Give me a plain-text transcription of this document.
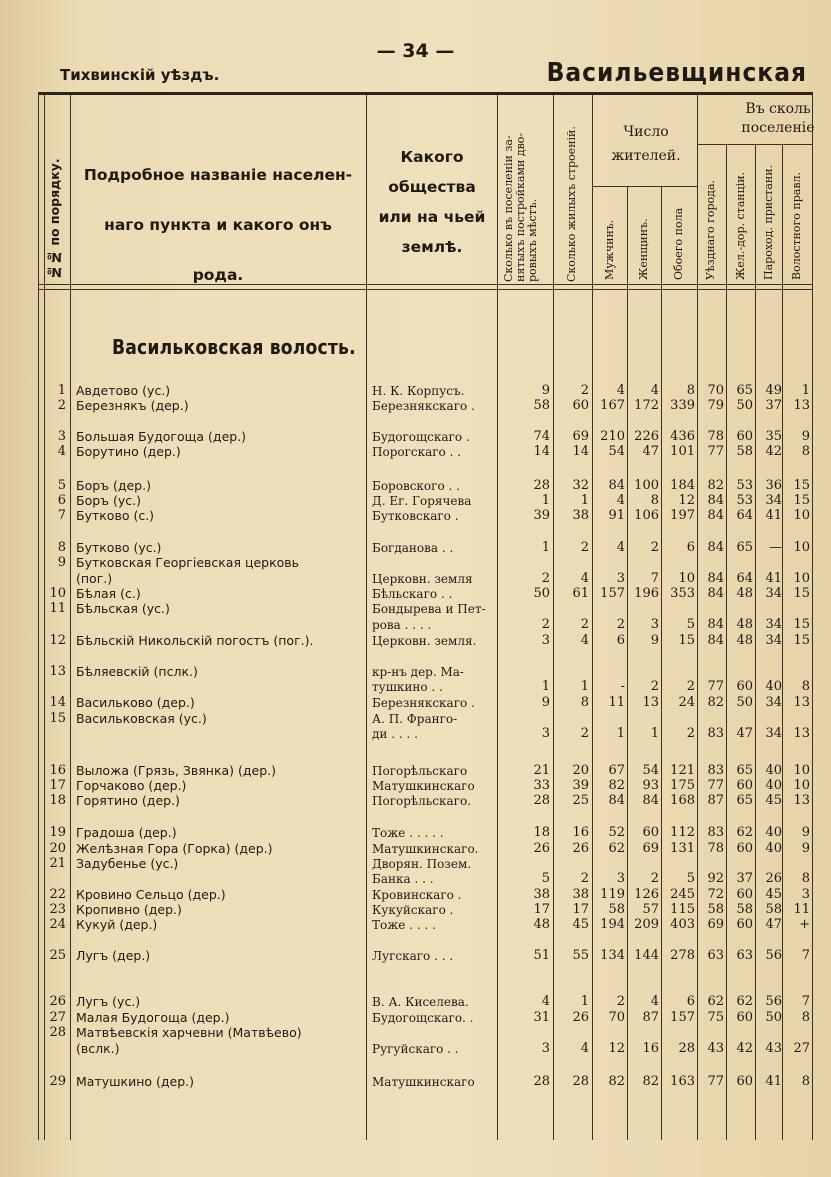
— 34 —
Тихвинскiй уѣздъ.	Васильевщинская
№№ по порядку. Подробное названiе населен-наго пункта и какого онъ рода.
Какого общества или на чьей землѣ.	Сколько въ поселенiи за-нятыхъ постройками дво-ровыхъ мѣстъ.	Сколько жилыхъ строенiй.	Число жителей.
Мужчинъ. Женщинъ. Обоего пола
Въ сколь поселенiе
Уѣзднаго города. Жел.-дор. станцiи. Пароход. пристани. Волостного правл.
Васильковская волость.
1 Авдетово (ус.)	Н. К. Корпусъ.	9	2	4	4	8 70 65 49	1
2 Березнякъ (дер.)	Березнякскаго .	58	60 167 172 339 79 50 37 13
3 Большая Будогоща (дер.)	Будогощскаго .	74	69 210 226 436 78 60 35	9
4 Борутино (дер.)	Порогскаго . .	14	14	54	47 101 77 58 42	8
5 Боръ (дер.)	Боровского . .	28	32	84 100 184 82 53 36 15
6 Боръ (ус.)	Д. Ег. Горячева	1	1	4	8	12 84 53 34 15
7 Бутково (с.)	Бутковскаго .	39	38	91 106 197 84 64 41 10
8 Бутково (ус.)	Богданова . .	1	2	4	2	6 84 65	— 10
9 Бутковская Георгiевская церковь
(пог.)	Церковн. земля	2	4	3	7	10 84 64 41 10
10 Бѣлая (с.)	Бѣльскаго . .	50	61 157 196 353 84 48 34 15
11 Бѣльская (ус.)	Бондырева и Пет-
рова . . . .	2	2	2	3	5 84 48 34 15
12 Бѣльскiй Никольскiй погостъ (пог.).	Церковн. земля.	3	4	6	9	15 84 48 34 15
13 Бѣляевскiй (пслк.)	кр-нъ дер. Ма-
тушкино . .	1	1	-	2	2 77 60 40	8
14 Васильково (дер.)	Березнякскаго .	9	8	11	13	24 82 50 34 13
15 Васильковская (ус.)	А. П. Франго-
ди . . . .	3	2	1	1	2 83 47 34 13
16 Выложа (Грязь, Звянка) (дер.)	Погорѣльскаго	21	20	67	54 121 83 65 40 10
17 Горчаково (дер.)	Матушкинскаго	33	39	82	93 175 77 60 40 10
18 Горятино (дер.)	Погорѣльскаго.	28	25	84	84 168 87 65 45 13
19 Градоша (дер.)	Тоже . . . . .	18	16	52	60 112 83 62 40	9
20 Желѣзная Гора (Горка) (дер.)	Матушкинскаго.	26	26	62	69 131 78 60 40	9
21 Задубенье (ус.)	Дворян. Позем.
Банка . . .	5	2	3	2	5 92 37 26	8
22 Кровино Сельцо (дер.)	Кровинскаго .	38	38 119 126 245 72 60 45	3
23 Кропивно (дер.)	Кукуйскаго .	17	17	58	57 115 58 58 58 11
24 Кукуй (дер.)	Тоже . . . .	48	45 194 209 403 69 60 47	+
25 Лугъ (дер.)	Лугскаго . . .	51	55 134 144 278 63 63 56	7
26 Лугъ (ус.)	В. А. Киселева.	4	1	2	4	6 62 62 56	7
27 Малая Будогоща (дер.)	Будогощскаго. .	31	26	70	87 157 75 60 50	8
28 Матвѣевскiя харчевни (Матвѣево)
(вслк.)	Ругуйскаго . .	3	4	12	16	28 43 42 43 27
29 Матушкино (дер.)	Матушкинскаго	28	28	82	82 163 77 60 41	8
